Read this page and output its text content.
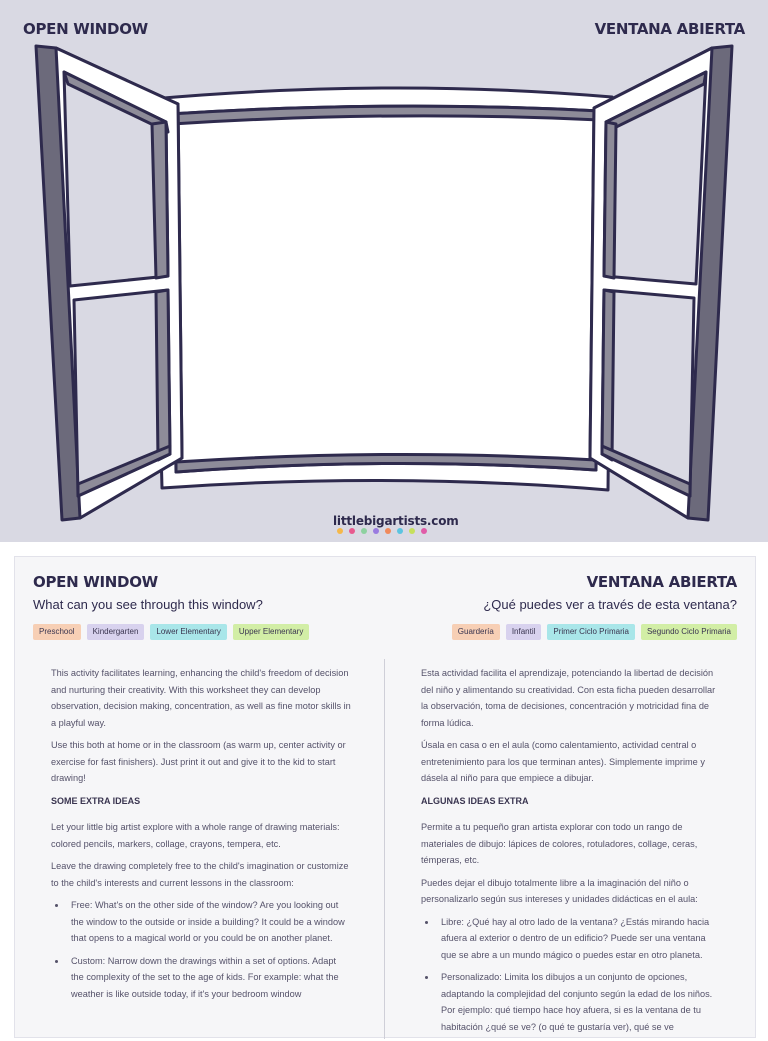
OPEN WINDOW	VENTANA ABIERTA
littlebigartists.com
OPEN WINDOW	VENTANA ABIERTA
What can you see through this window?	¿Qué puedes ver a través de esta ventana?
Preschool	Kindergarten	Lower Elementary	Upper Elementary	Guardería	Infantil	Primer Ciclo Primaria	Segundo Ciclo Primaria

This activity facilitates learning, enhancing the child's freedom of decision and nurturing their creativity. With this worksheet they can develop observation, decision making, concentration, as well as fine motor skills in a playful way.

Use this both at home or in the classroom (as warm up, center activity or exercise for fast finishers). Just print it out and give it to the kid to start drawing!

SOME EXTRA IDEAS

Let your little big artist explore with a whole range of drawing materials: colored pencils, markers, collage, crayons, tempera, etc.

Leave the drawing completely free to the child's imagination or customize to the child's interests and current lessons in the classroom:

• Free: What's on the other side of the window? Are you looking out the window to the outside or inside a building? It could be a window that opens to a magical world or you could be on another planet.
• Custom: Narrow down the drawings within a set of options. Adapt the complexity of the set to the age of kids. For example: what the weather is like outside today, if it's your bedroom window

Esta actividad facilita el aprendizaje, potenciando la libertad de decisión del niño y alimentando su creatividad. Con esta ficha pueden desarrollar la observación, toma de decisiones, concentración y motricidad fina de forma lúdica.

Úsala en casa o en el aula (como calentamiento, actividad central o entretenimiento para los que terminan antes). Simplemente imprime y dásela al niño para que empiece a dibujar.

ALGUNAS IDEAS EXTRA

Permite a tu pequeño gran artista explorar con todo un rango de materiales de dibujo: lápices de colores, rotuladores, collage, ceras, témperas, etc.

Puedes dejar el dibujo totalmente libre a la imaginación del niño o personalizarlo según sus intereses y unidades didácticas en el aula:

• Libre: ¿Qué hay al otro lado de la ventana? ¿Estás mirando hacia afuera al exterior o dentro de un edificio? Puede ser una ventana que se abre a un mundo mágico o puedes estar en otro planeta.
• Personalizado: Limita los dibujos a un conjunto de opciones, adaptando la complejidad del conjunto según la edad de los niños. Por ejemplo: qué tiempo hace hoy afuera, si es la ventana de tu habitación ¿qué se ve? (o qué te gustaría ver), qué se ve
